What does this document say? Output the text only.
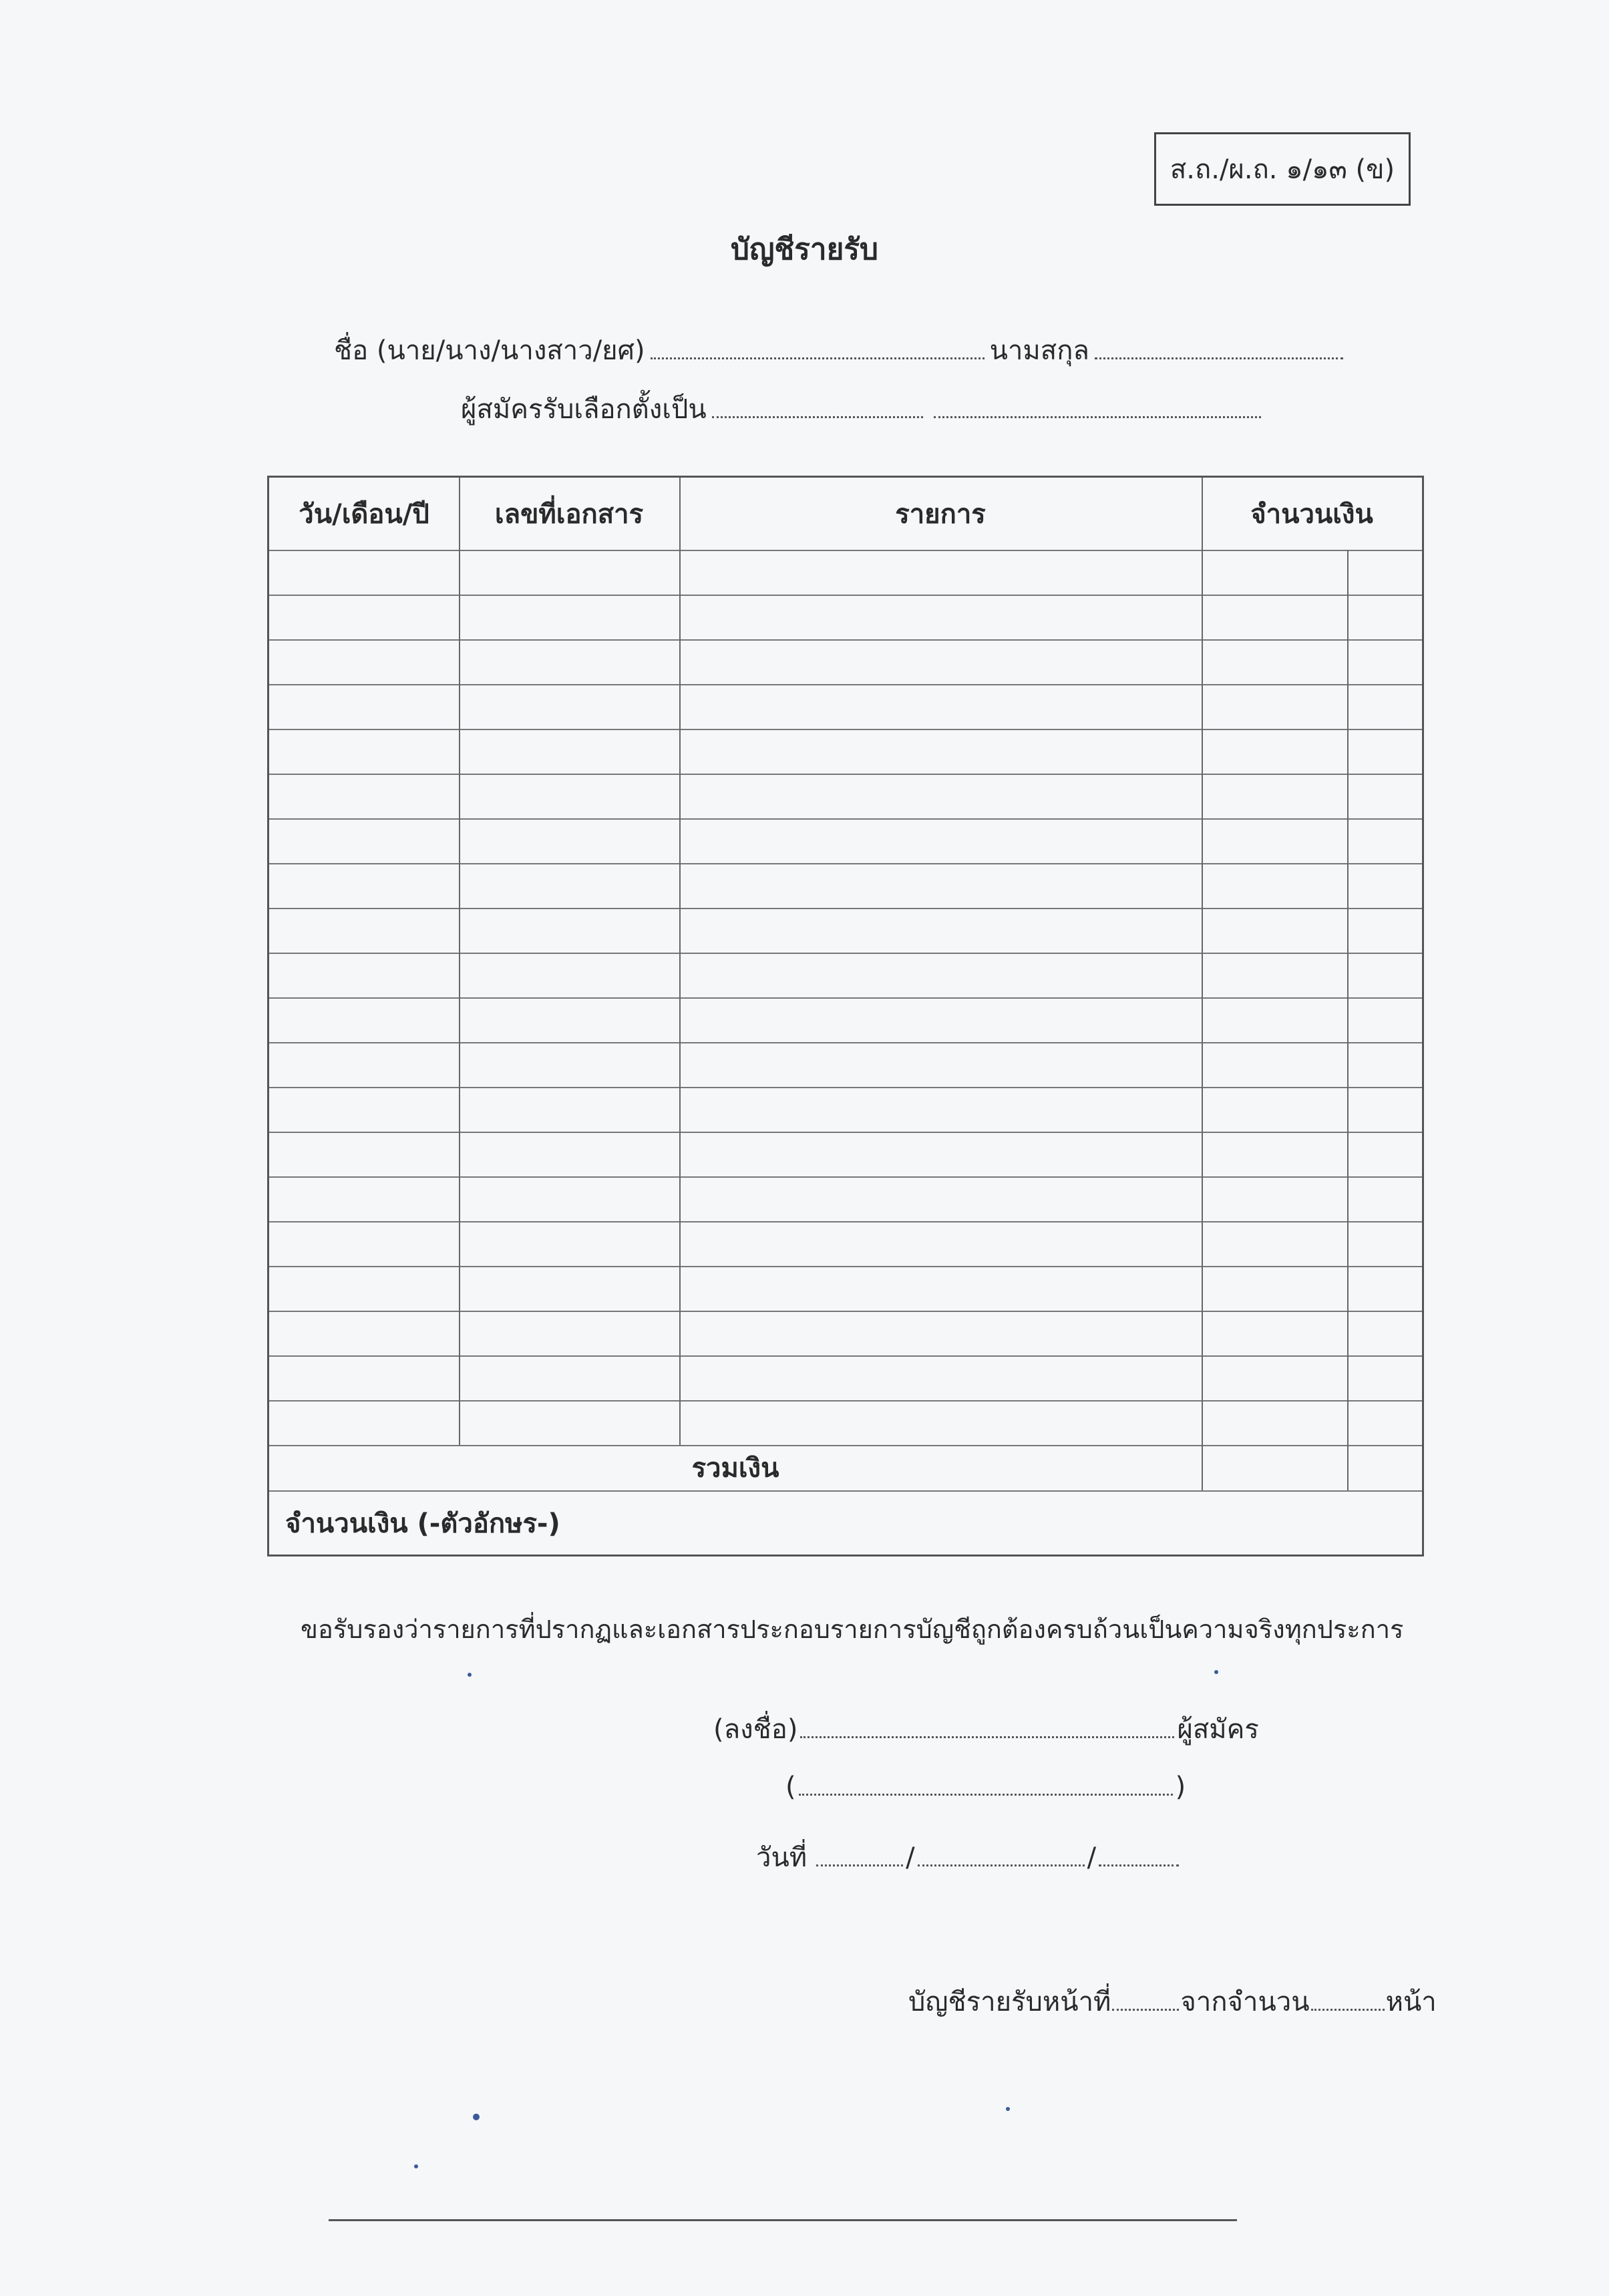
ส.ถ./ผ.ถ. ๑/๑๓ (ข)
บัญชีรายรับ
ชื่อ (นาย/นาง/นางสาว/ยศ)	นามสกุล
ผู้สมัครรับเลือกตั้งเป็น
วัน/เดือน/ปี	เลขที่เอกสาร	รายการ	จำนวนเงิน
รวมเงิน
จำนวนเงิน (-ตัวอักษร-)
ขอรับรองว่ารายการที่ปรากฏและเอกสารประกอบรายการบัญชีถูกต้องครบถ้วนเป็นความจริงทุกประการ
(ลงชื่อ)	ผู้สมัคร
(	)
วันที่	/	/
บัญชีรายรับหน้าที่	จากจำนวน	หน้า
